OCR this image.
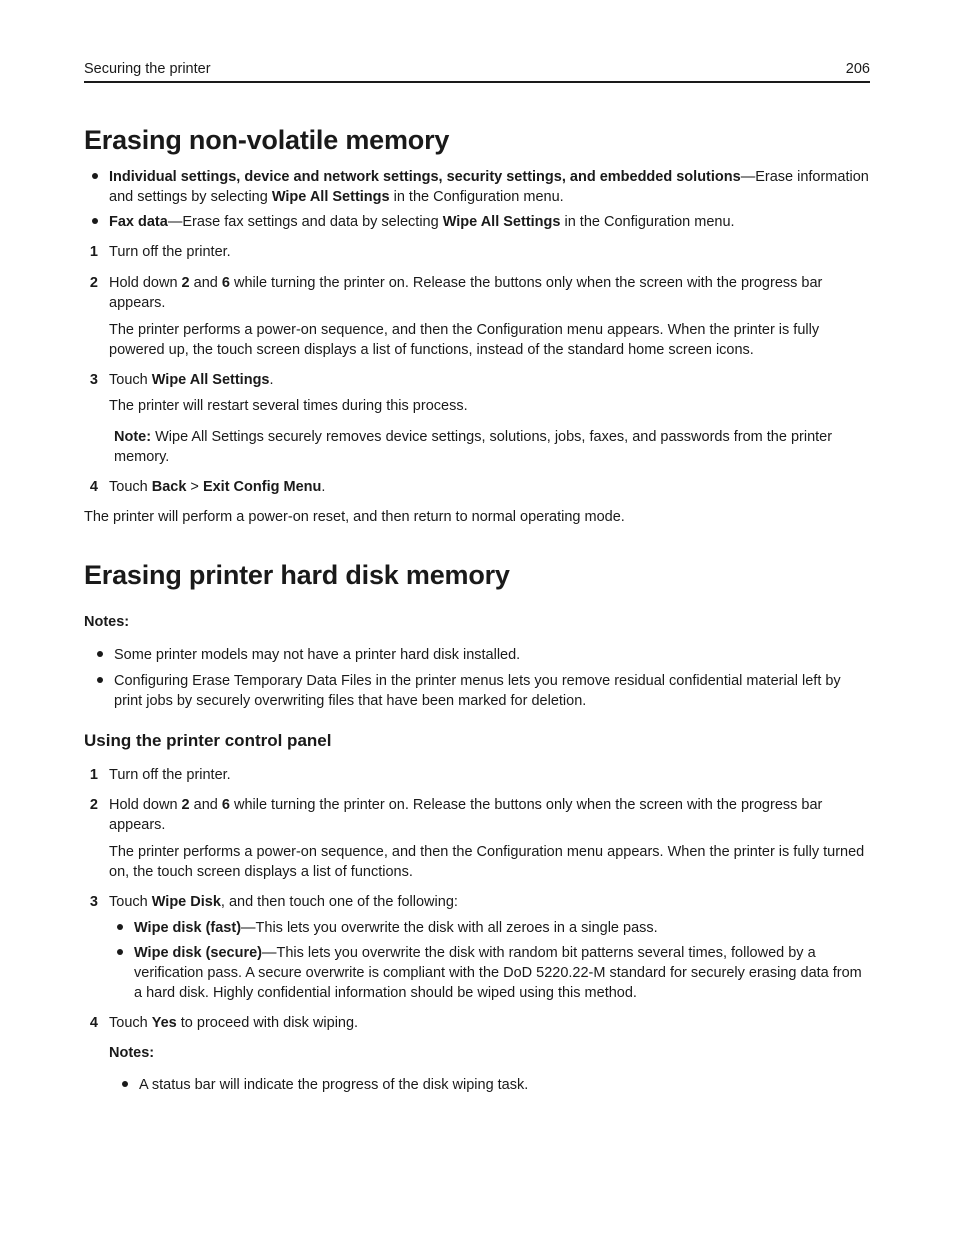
Securing the printer	206
Erasing non-volatile memory

Individual settings, device and network settings, security settings, and embedded solutions—Erase information and settings by selecting Wipe All Settings in the Configuration menu.

Fax data—Erase fax settings and data by selecting Wipe All Settings in the Configuration menu.

1 Turn off the printer.

2 Hold down 2 and 6 while turning the printer on. Release the buttons only when the screen with the progress bar appears.

The printer performs a power-on sequence, and then the Configuration menu appears. When the printer is fully powered up, the touch screen displays a list of functions, instead of the standard home screen icons.

3 Touch Wipe All Settings.

The printer will restart several times during this process.

Note: Wipe All Settings securely removes device settings, solutions, jobs, faxes, and passwords from the printer memory.

4 Touch Back > Exit Config Menu.

The printer will perform a power-on reset, and then return to normal operating mode.

Erasing printer hard disk memory

Notes:

Some printer models may not have a printer hard disk installed.

Configuring Erase Temporary Data Files in the printer menus lets you remove residual confidential material left by print jobs by securely overwriting files that have been marked for deletion.

Using the printer control panel
1 Turn off the printer.

2 Hold down 2 and 6 while turning the printer on. Release the buttons only when the screen with the progress bar appears.

The printer performs a power-on sequence, and then the Configuration menu appears. When the printer is fully turned on, the touch screen displays a list of functions.

3 Touch Wipe Disk, and then touch one of the following:

Wipe disk (fast)—This lets you overwrite the disk with all zeroes in a single pass.

Wipe disk (secure)—This lets you overwrite the disk with random bit patterns several times, followed by a verification pass. A secure overwrite is compliant with the DoD 5220.22-M standard for securely erasing data from a hard disk. Highly confidential information should be wiped using this method.

4 Touch Yes to proceed with disk wiping.

Notes:

A status bar will indicate the progress of the disk wiping task.
